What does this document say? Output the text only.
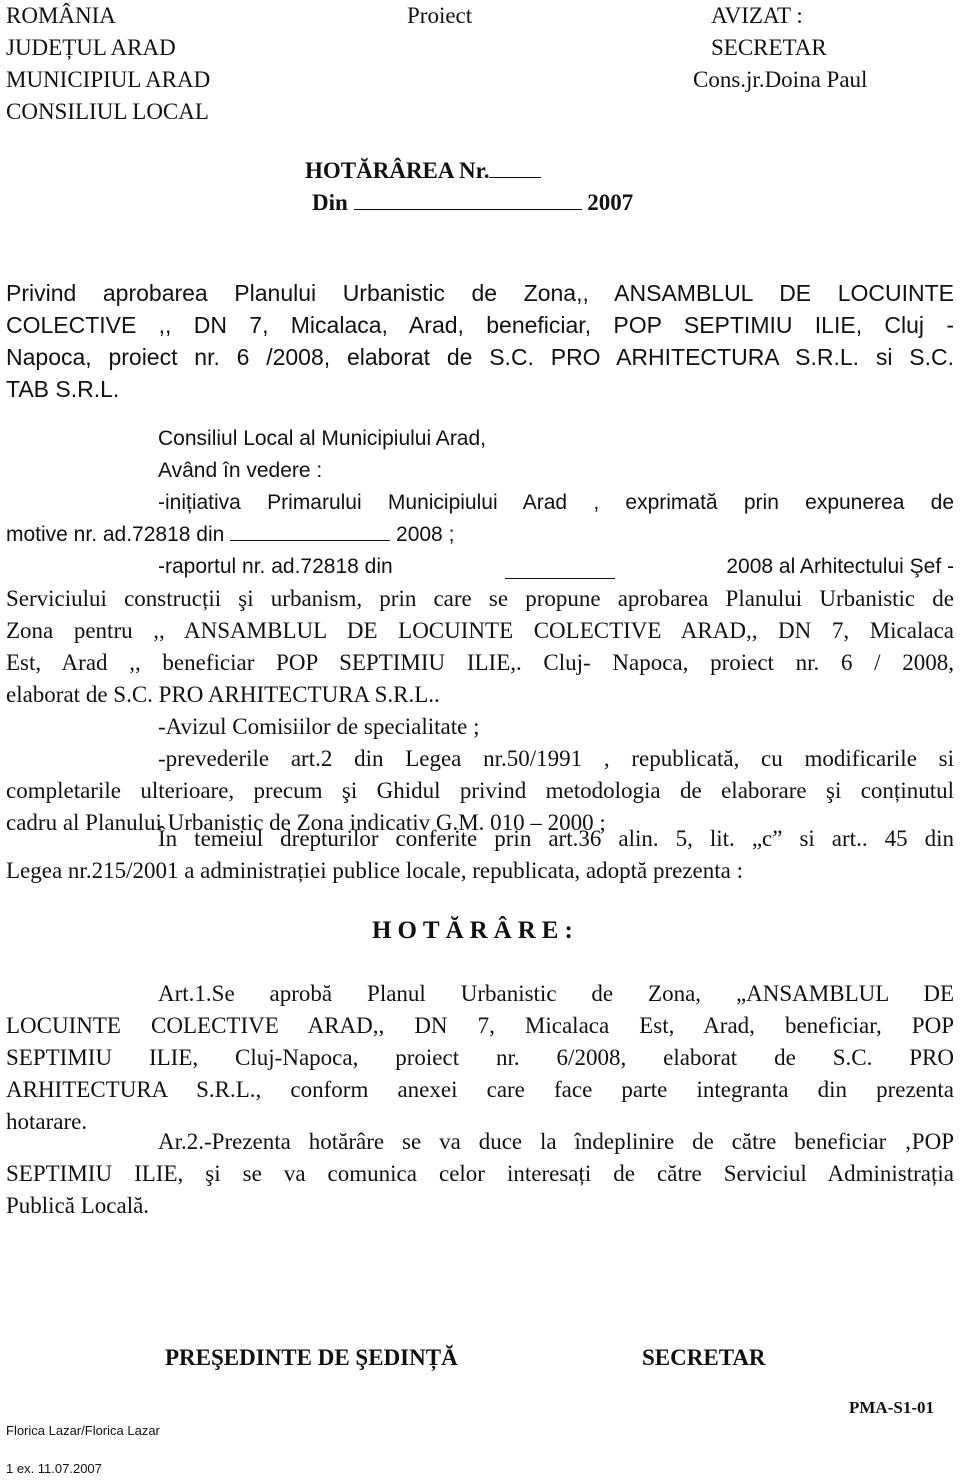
ROMÂNIA
JUDEȚUL ARAD
MUNICIPIUL ARAD
CONSILIUL LOCAL
Proiect	AVIZAT :
SECRETAR
Cons.jr.Doina Paul
HOTĂRÂREA Nr.
Din	2007
Privind aprobarea Planului Urbanistic de Zona,, ANSAMBLUL DE LOCUINTE
COLECTIVE ,, DN 7, Micalaca, Arad, beneficiar, POP SEPTIMIU ILIE, Cluj -
Napoca, proiect nr. 6 /2008, elaborat de S.C. PRO ARHITECTURA S.R.L. si S.C.
TAB S.R.L.
Consiliul Local al Municipiului Arad,
Având în vedere :
-inițiativa Primarului Municipiului Arad , exprimată prin expunerea de
motive nr. ad.72818 din	2008 ;
-raportul nr. ad.72818 din	2008 al Arhitectului Şef -
Serviciului construcții şi urbanism, prin care se propune aprobarea Planului Urbanistic de
Zona pentru ,, ANSAMBLUL DE LOCUINTE COLECTIVE ARAD,, DN 7, Micalaca
Est, Arad ,, beneficiar POP SEPTIMIU ILIE,. Cluj- Napoca, proiect nr. 6 / 2008,
elaborat de S.C. PRO ARHITECTURA S.R.L..
-Avizul Comisiilor de specialitate ;
-prevederile art.2 din Legea nr.50/1991 , republicată, cu modificarile si
completarile ulterioare, precum şi Ghidul privind metodologia de elaborare şi conținutul
cadru al Planului Urbanistic de Zona indicativ G.M. 010 – 2000 ;
În temeiul drepturilor conferite prin art.36 alin. 5, lit. „c” si art.. 45 din
Legea nr.215/2001 a administrației publice locale, republicata, adoptă prezenta :
HOTĂRÂRE:
Art.1.Se aprobă Planul Urbanistic de Zona, „ANSAMBLUL DE
LOCUINTE COLECTIVE ARAD,, DN 7, Micalaca Est, Arad, beneficiar, POP
SEPTIMIU ILIE, Cluj-Napoca, proiect nr. 6/2008, elaborat de S.C. PRO
ARHITECTURA S.R.L., conform anexei care face parte integranta din prezenta
hotarare.
Ar.2.-Prezenta hotărâre se va duce la îndeplinire de către beneficiar ‚POP
SEPTIMIU ILIE, şi se va comunica celor interesați de către Serviciul Administrația
Publică Locală.
PREŞEDINTE DE ŞEDINȚĂ	SECRETAR
PMA-S1-01
Florica Lazar/Florica Lazar
1 ex. 11.07.2007
